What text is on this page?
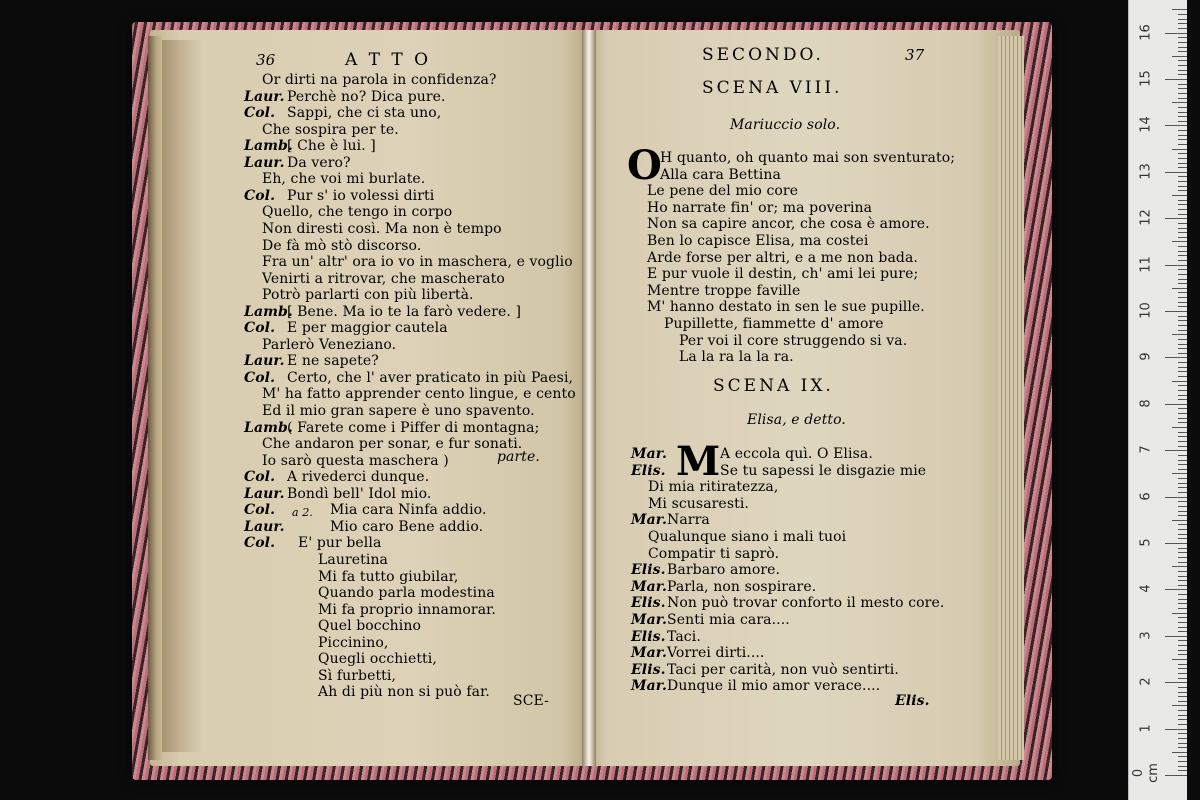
36	A T T O
Or dirti na parola in confidenza?
Laur. Perchè no? Dica pure.
Col. Sappi, che ci sta uno,
Che sospira per te.
Lamb.
[ Che è lui. ]
Laur. Da vero?
Eh, che voi mi burlate.
Col. Pur s' io volessi dirti
Quello, che tengo in corpo
Non diresti così. Ma non è tempo
De fà mò stò discorso.
Fra un' altr' ora io vo in maschera, e voglio
Venirti a ritrovar, che mascherato
Potrò parlarti con più libertà.
Lamb.
[ Bene. Ma io te la farò vedere. ]
Col. E per maggior cautela
Parlerò Veneziano.
Laur. E ne sapete?
Col. Certo, che l' aver praticato in più Paesi,
M' ha fatto apprender cento lingue, e cento
Ed il mio gran sapere è uno spavento.
Lamb.
( Farete come i Piffer di montagna;
Che andaron per sonar, e fur sonati.
Io sarò questa maschera )
Col. A rivederci dunque.
Laur. Bondì bell' Idol mio.
Col.	Mia cara Ninfa addio.
Laur.	Mio caro Bene addio.
Col. E' pur bella
Lauretina
Mi fa tutto giubilar,
Quando parla modestina
Mi fa proprio innamorar.
Quel bocchino
Piccinino,
Quegli occhietti,
Sì furbetti,
Ah di più non si può far.
parte.
a 2.
SCE-
SECONDO.	37
SCENA VIII.
Mariuccio solo.
O
H quanto, oh quanto mai son sventurato;
Alla cara Bettina
Le pene del mio core
Ho narrate fin' or; ma poverina
Non sa capire ancor, che cosa è amore.
Ben lo capisce Elisa, ma costei
Arde forse per altri, e a me non bada.
E pur vuole il destin, ch' ami lei pure;
Mentre troppe faville
M' hanno destato in sen le sue pupille.
Pupillette, fiammette d' amore
Per voi il core struggendo si va.
La la ra la la ra.
SCENA IX.
Elisa, e detto.
M
Mar.	A eccola quì. O Elisa.
Elis.	Se tu sapessi le disgazie mie
Di mia ritiratezza,
Mi scusaresti.
Mar. Narra
Qualunque siano i mali tuoi
Compatir ti saprò.
Elis. Barbaro amore.
Mar. Parla, non sospirare.
Elis. Non può trovar conforto il mesto core.
Mar. Senti mia cara....
Elis. Taci.
Mar. Vorrei dirti....
Elis. Taci per carità, non vuò sentirti.
Mar. Dunque il mio amor verace....
Elis.
1
2
3
4
5
6
7
8
9
10
11
12
13
14
15
16
0 cm
